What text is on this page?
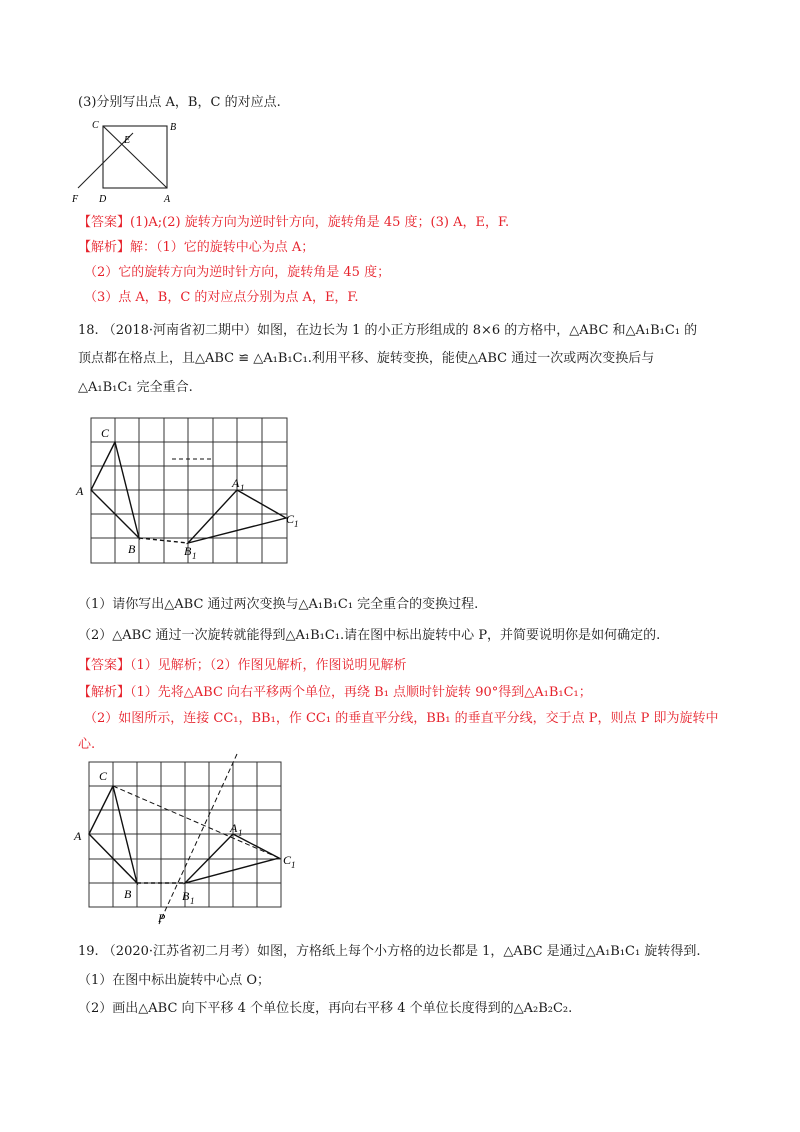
(3)分别写出点 A，B，C 的对应点.
C	B
E
F D	A
【答案】(1)A;(2) 旋转方向为逆时针方向，旋转角是 45 度；(3) A，E，F.
【解析】解：（1）它的旋转中心为点 A；
（2）它的旋转方向为逆时针方向，旋转角是 45 度；
（3）点 A，B，C 的对应点分别为点 A，E，F.
18. （2018·河南省初二期中）如图，在边长为 1 的小正方形组成的 8×6 的方格中，△ABC 和△A₁B₁C₁ 的
顶点都在格点上，且△ABC ≌ △A₁B₁C₁.利用平移、旋转变换，能使△ABC 通过一次或两次变换后与
△A₁B₁C₁ 完全重合.
C
A
B	B 1
A 1
C 1
（1）请你写出△ABC 通过两次变换与△A₁B₁C₁ 完全重合的变换过程.
（2）△ABC 通过一次旋转就能得到△A₁B₁C₁.请在图中标出旋转中心 P，并简要说明你是如何确定的.
【答案】（1）见解析；（2）作图见解析，作图说明见解析
【解析】（1）先将△ABC 向右平移两个单位，再绕 B₁ 点顺时针旋转 90°得到△A₁B₁C₁；
（2）如图所示，连接 CC₁，BB₁，作 CC₁ 的垂直平分线，BB₁ 的垂直平分线，交于点 P，则点 P 即为旋转中
心.
C
A
B	B 1
A 1
C 1
P
19. （2020·江苏省初二月考）如图，方格纸上每个小方格的边长都是 1，△ABC 是通过△A₁B₁C₁ 旋转得到.
（1）在图中标出旋转中心点 O；
（2）画出△ABC 向下平移 4 个单位长度，再向右平移 4 个单位长度得到的△A₂B₂C₂.
